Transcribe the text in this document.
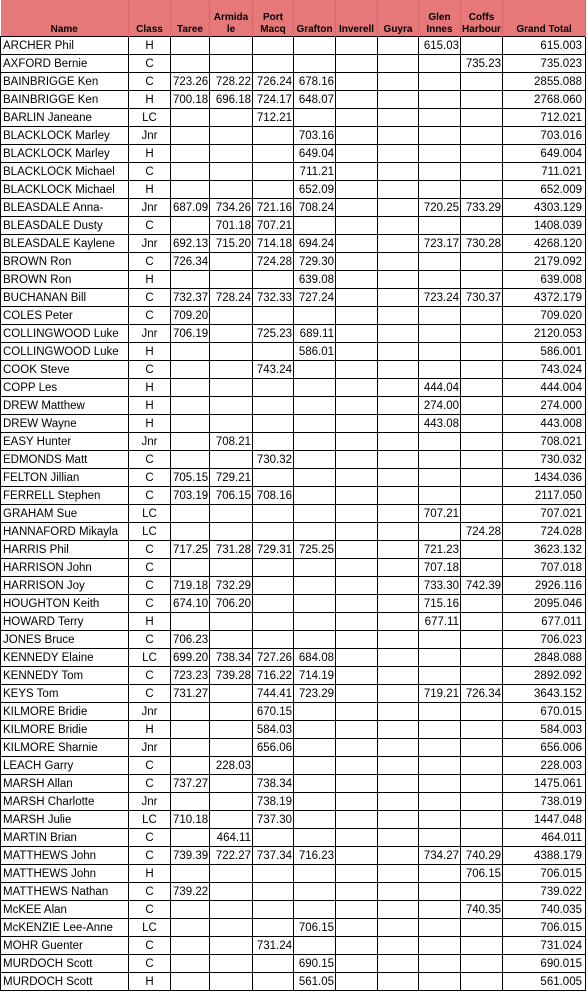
Name	Class	Taree	Armida le	Port Macq	Grafton	Inverell	Guyra	Glen Innes	Coffs Harbour	Grand Total
ARCHER Phil	H							615.03		615.003
AXFORD Bernie	C								735.23	735.023
BAINBRIGGE Ken	C	723.26	728.22	726.24	678.16					2855.088
BAINBRIGGE Ken	H	700.18	696.18	724.17	648.07					2768.060
BARLIN Janeane	LC			712.21						712.021
BLACKLOCK Marley	Jnr				703.16					703.016
BLACKLOCK Marley	H				649.04					649.004
BLACKLOCK Michael	C				711.21					711.021
BLACKLOCK Michael	H				652.09					652.009
BLEASDALE Anna-	Jnr	687.09	734.26	721.16	708.24			720.25	733.29	4303.129
BLEASDALE Dusty	C		701.18	707.21						1408.039
BLEASDALE Kaylene	Jnr	692.13	715.20	714.18	694.24			723.17	730.28	4268.120
BROWN Ron	C	726.34		724.28	729.30					2179.092
BROWN Ron	H				639.08					639.008
BUCHANAN Bill	C	732.37	728.24	732.33	727.24			723.24	730.37	4372.179
COLES Peter	C	709.20								709.020
COLLINGWOOD Luke	Jnr	706.19		725.23	689.11					2120.053
COLLINGWOOD Luke	H				586.01					586.001
COOK Steve	C			743.24						743.024
COPP Les	H							444.04		444.004
DREW Matthew	H							274.00		274.000
DREW Wayne	H							443.08		443.008
EASY Hunter	Jnr		708.21							708.021
EDMONDS Matt	C			730.32						730.032
FELTON Jillian	C	705.15	729.21							1434.036
FERRELL Stephen	C	703.19	706.15	708.16						2117.050
GRAHAM Sue	LC							707.21		707.021
HANNAFORD Mikayla	LC								724.28	724.028
HARRIS Phil	C	717.25	731.28	729.31	725.25			721.23		3623.132
HARRISON John	C							707.18		707.018
HARRISON Joy	C	719.18	732.29					733.30	742.39	2926.116
HOUGHTON Keith	C	674.10	706.20					715.16		2095.046
HOWARD Terry	H							677.11		677.011
JONES Bruce	C	706.23								706.023
KENNEDY Elaine	LC	699.20	738.34	727.26	684.08					2848.088
KENNEDY Tom	C	723.23	739.28	716.22	714.19					2892.092
KEYS Tom	C	731.27		744.41	723.29			719.21	726.34	3643.152
KILMORE Bridie	Jnr			670.15						670.015
KILMORE Bridie	H			584.03						584.003
KILMORE Sharnie	Jnr			656.06						656.006
LEACH Garry	C		228.03							228.003
MARSH Allan	C	737.27		738.34						1475.061
MARSH Charlotte	Jnr			738.19						738.019
MARSH Julie	LC	710.18		737.30						1447.048
MARTIN Brian	C		464.11							464.011
MATTHEWS John	C	739.39	722.27	737.34	716.23			734.27	740.29	4388.179
MATTHEWS John	H								706.15	706.015
MATTHEWS Nathan	C	739.22								739.022
McKEE Alan	C								740.35	740.035
McKENZIE Lee-Anne	LC				706.15					706.015
MOHR Guenter	C			731.24						731.024
MURDOCH Scott	C				690.15					690.015
MURDOCH Scott	H				561.05					561.005
